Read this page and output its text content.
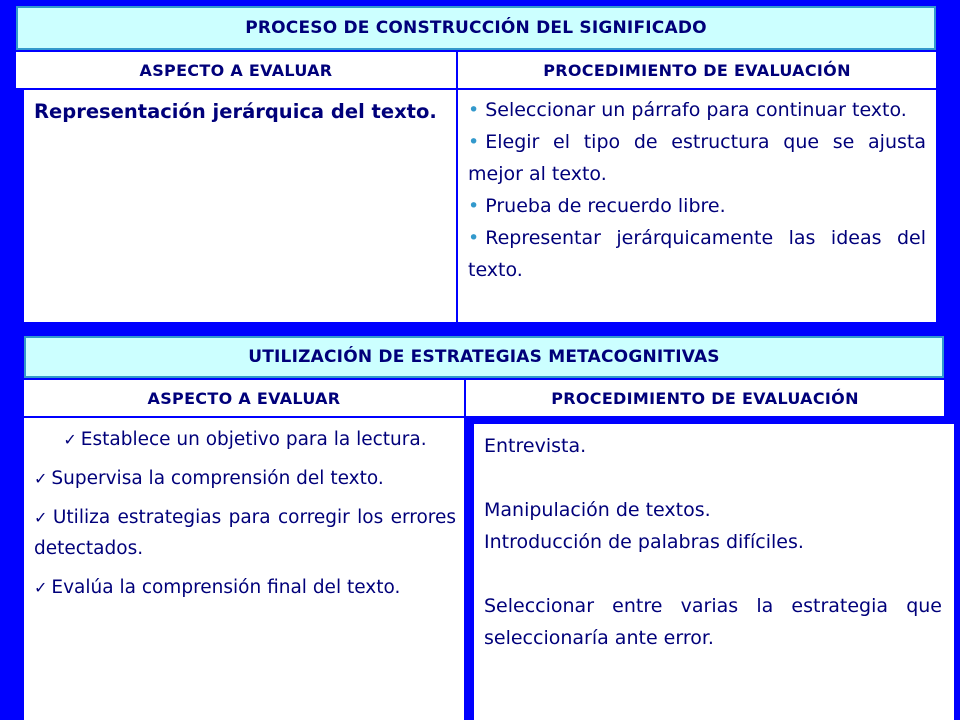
PROCESO DE CONSTRUCCIÓN DEL SIGNIFICADO
ASPECTO A EVALUAR	PROCEDIMIENTO DE EVALUACIÓN
Representación jerárquica del texto.
•	Seleccionar un párrafo para continuar texto.
• Elegir el tipo de estructura que se ajusta mejor al texto.
• Prueba de recuerdo libre.
• Representar jerárquicamente las ideas del texto.
UTILIZACIÓN DE ESTRATEGIAS METACOGNITIVAS
ASPECTO A EVALUAR	PROCEDIMIENTO DE EVALUACIÓN
✓ Establece un objetivo para la lectura.
✓ Supervisa la comprensión del texto.
✓ Utiliza estrategias para corregir los errores detectados.
✓ Evalúa la comprensión final del texto.
Entrevista.
Manipulación de textos.
Introducción de palabras difíciles.
Seleccionar entre varias la estrategia que seleccionaría ante error.
